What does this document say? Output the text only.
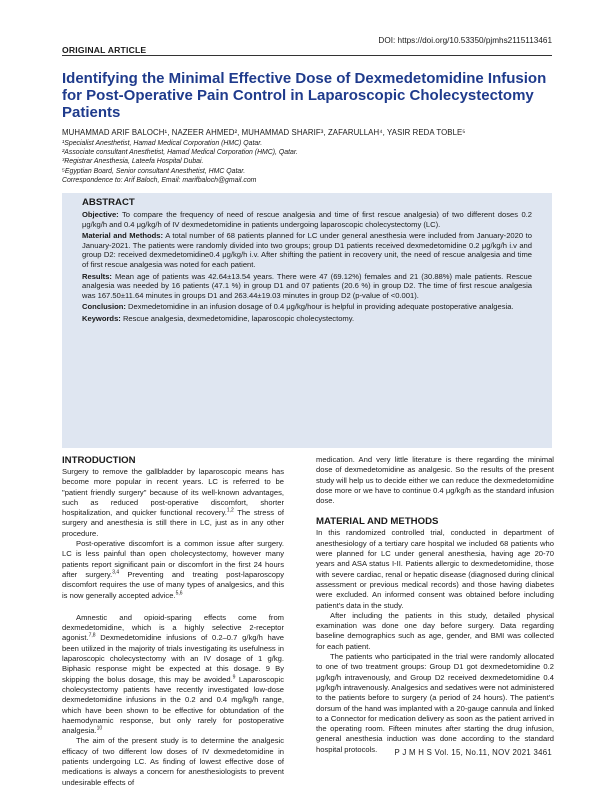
DOI: https://doi.org/10.53350/pjmhs2115113461
ORIGINAL ARTICLE
Identifying the Minimal Effective Dose of Dexmedetomidine Infusion for Post-Operative Pain Control in Laparoscopic Cholecystectomy Patients
MUHAMMAD ARIF BALOCH¹, NAZEER AHMED², MUHAMMAD SHARIF³, ZAFARULLAH⁴, YASIR REDA TOBLE⁵
¹Specialist Anesthetist, Hamad Medical Corporation (HMC) Qatar.
²Associate consultant Anesthetist, Hamad Medical Corporation (HMC), Qatar.
³Registrar Anesthesia, Lateefa Hospital Dubai.
⁵Egyptian Board, Senior consultant Anesthetist, HMC Qatar.
Correspondence to: Arif Baloch, Email: marifbaloch@gmail.com
ABSTRACT

Objective: To compare the frequency of need of rescue analgesia and time of first rescue analgesia) of two different doses 0.2 μg/kg/h and 0.4 μg/kg/h of IV dexmedetomidine in patients undergoing laparoscopic cholecystectomy (LC).

Material and Methods: A total number of 68 patients planned for LC under general anesthesia were included from January-2020 to January-2021. The patients were randomly divided into two groups; group D1 patients received dexmedetomidine 0.2 μg/kg/h i.v and group D2: received dexmedetomidine0.4 μg/kg/h i.v. After shifting the patient in recovery unit, the need of rescue analgesia and time of first rescue analgesia was noted for each patient.

Results: Mean age of patients was 42.64±13.54 years. There were 47 (69.12%) females and 21 (30.88%) male patients. Rescue analgesia was needed by 16 patients (47.1 %) in group D1 and 07 patients (20.6 %) in group D2. The time of first rescue analgesia was 167.50±11.64 minutes in groups D1 and 263.44±19.03 minutes in group D2 (p-value of <0.001).

Conclusion: Dexmedetomidine in an infusion dosage of 0.4 μg/kg/hour is helpful in providing adequate postoperative analgesia.

Keywords: Rescue analgesia, dexmedetomidine, laparoscopic cholecystectomy.

INTRODUCTION

Surgery to remove the gallbladder by laparoscopic means has become more popular in recent years. LC is referred to be "patient friendly surgery" because of its well-known advantages, such as reduced post-operative discomfort, shorter hospitalization, and quicker functional recovery.$^{1,2}$ The stress of surgery and anesthesia is still there in LC, just as in any other procedure.

Post-operative discomfort is a common issue after surgery. LC is less painful than open cholecystectomy, however many patients report significant pain or discomfort in the first 24 hours after surgery.$^{3,4}$ Preventing and treating post-laparoscopy discomfort requires the use of many types of analgesics, and this is now generally accepted advice.$^{5,6}$

Amnestic and opioid-sparing effects come from dexmedetomidine, which is a highly selective 2-receptor agonist.$^{7,8}$ Dexmedetomidine infusions of 0.2–0.7 g/kg/h have been utilized in the majority of trials investigating its usefulness in laparoscopic cholecystectomy with an IV dosage of 1 g/kg. Biphasic response might be expected at this dosage. 9 By skipping the bolus dosage, this may be avoided.$^9$ Laparoscopic cholecystectomy patients have recently investigated low-dose dexmedetomidine infusions in the 0.2 and 0.4 mg/kg/h range, which have been shown to be effective for obtundation of the haemodynamic response, but only rarely for postoperative analgesia.$^{10}$

The aim of the present study is to determine the analgesic efficacy of two different low doses of IV dexmedetomidine in patients undergoing LC. As finding of lowest effective dose of medications is always a concern for anesthesiologists to prevent undesirable effects of

medication. And very little literature is there regarding the minimal dose of dexmedetomidine as analgesic. So the results of the present study will help us to decide either we can reduce the dexmedetomidine dose more or we have to continue 0.4 μg/kg/h as the standard infusion dose.

MATERIAL AND METHODS

In this randomized controlled trial, conducted in department of anesthesiology of a tertiary care hospital we included 68 patients who were planned for LC under general anesthesia, having age 20-70 years and ASA status I-II. Patients allergic to dexmedetomidine, those with severe cardiac, renal or hepatic disease (diagnosed during clinical assessment or previous medical records) and those having diabetes were excluded. An informed consent was obtained before including patient's data in the study.

After including the patients in this study, detailed physical examination was done one day before surgery. Data regarding baseline demographics such as age, gender, and BMI was collected for each patient.

The patients who participated in the trial were randomly allocated to one of two treatment groups: Group D1 got dexmedetomidine 0.2 μg/kg/h intravenously, and Group D2 received dexmedetomidine 0.4 μg/kg/h intravenously. Analgesics and sedatives were not administered to the patients before to surgery (a period of 24 hours). The patient's dorsum of the hand was implanted with a 20-gauge cannula and linked to a Connector for medication delivery as soon as the patient arrived in the operating room. Fifteen minutes after starting the drug infusion, general anesthesia induction was done according to the standard hospital protocols.	P J M H S Vol. 15, No.11, NOV 2021 3461
